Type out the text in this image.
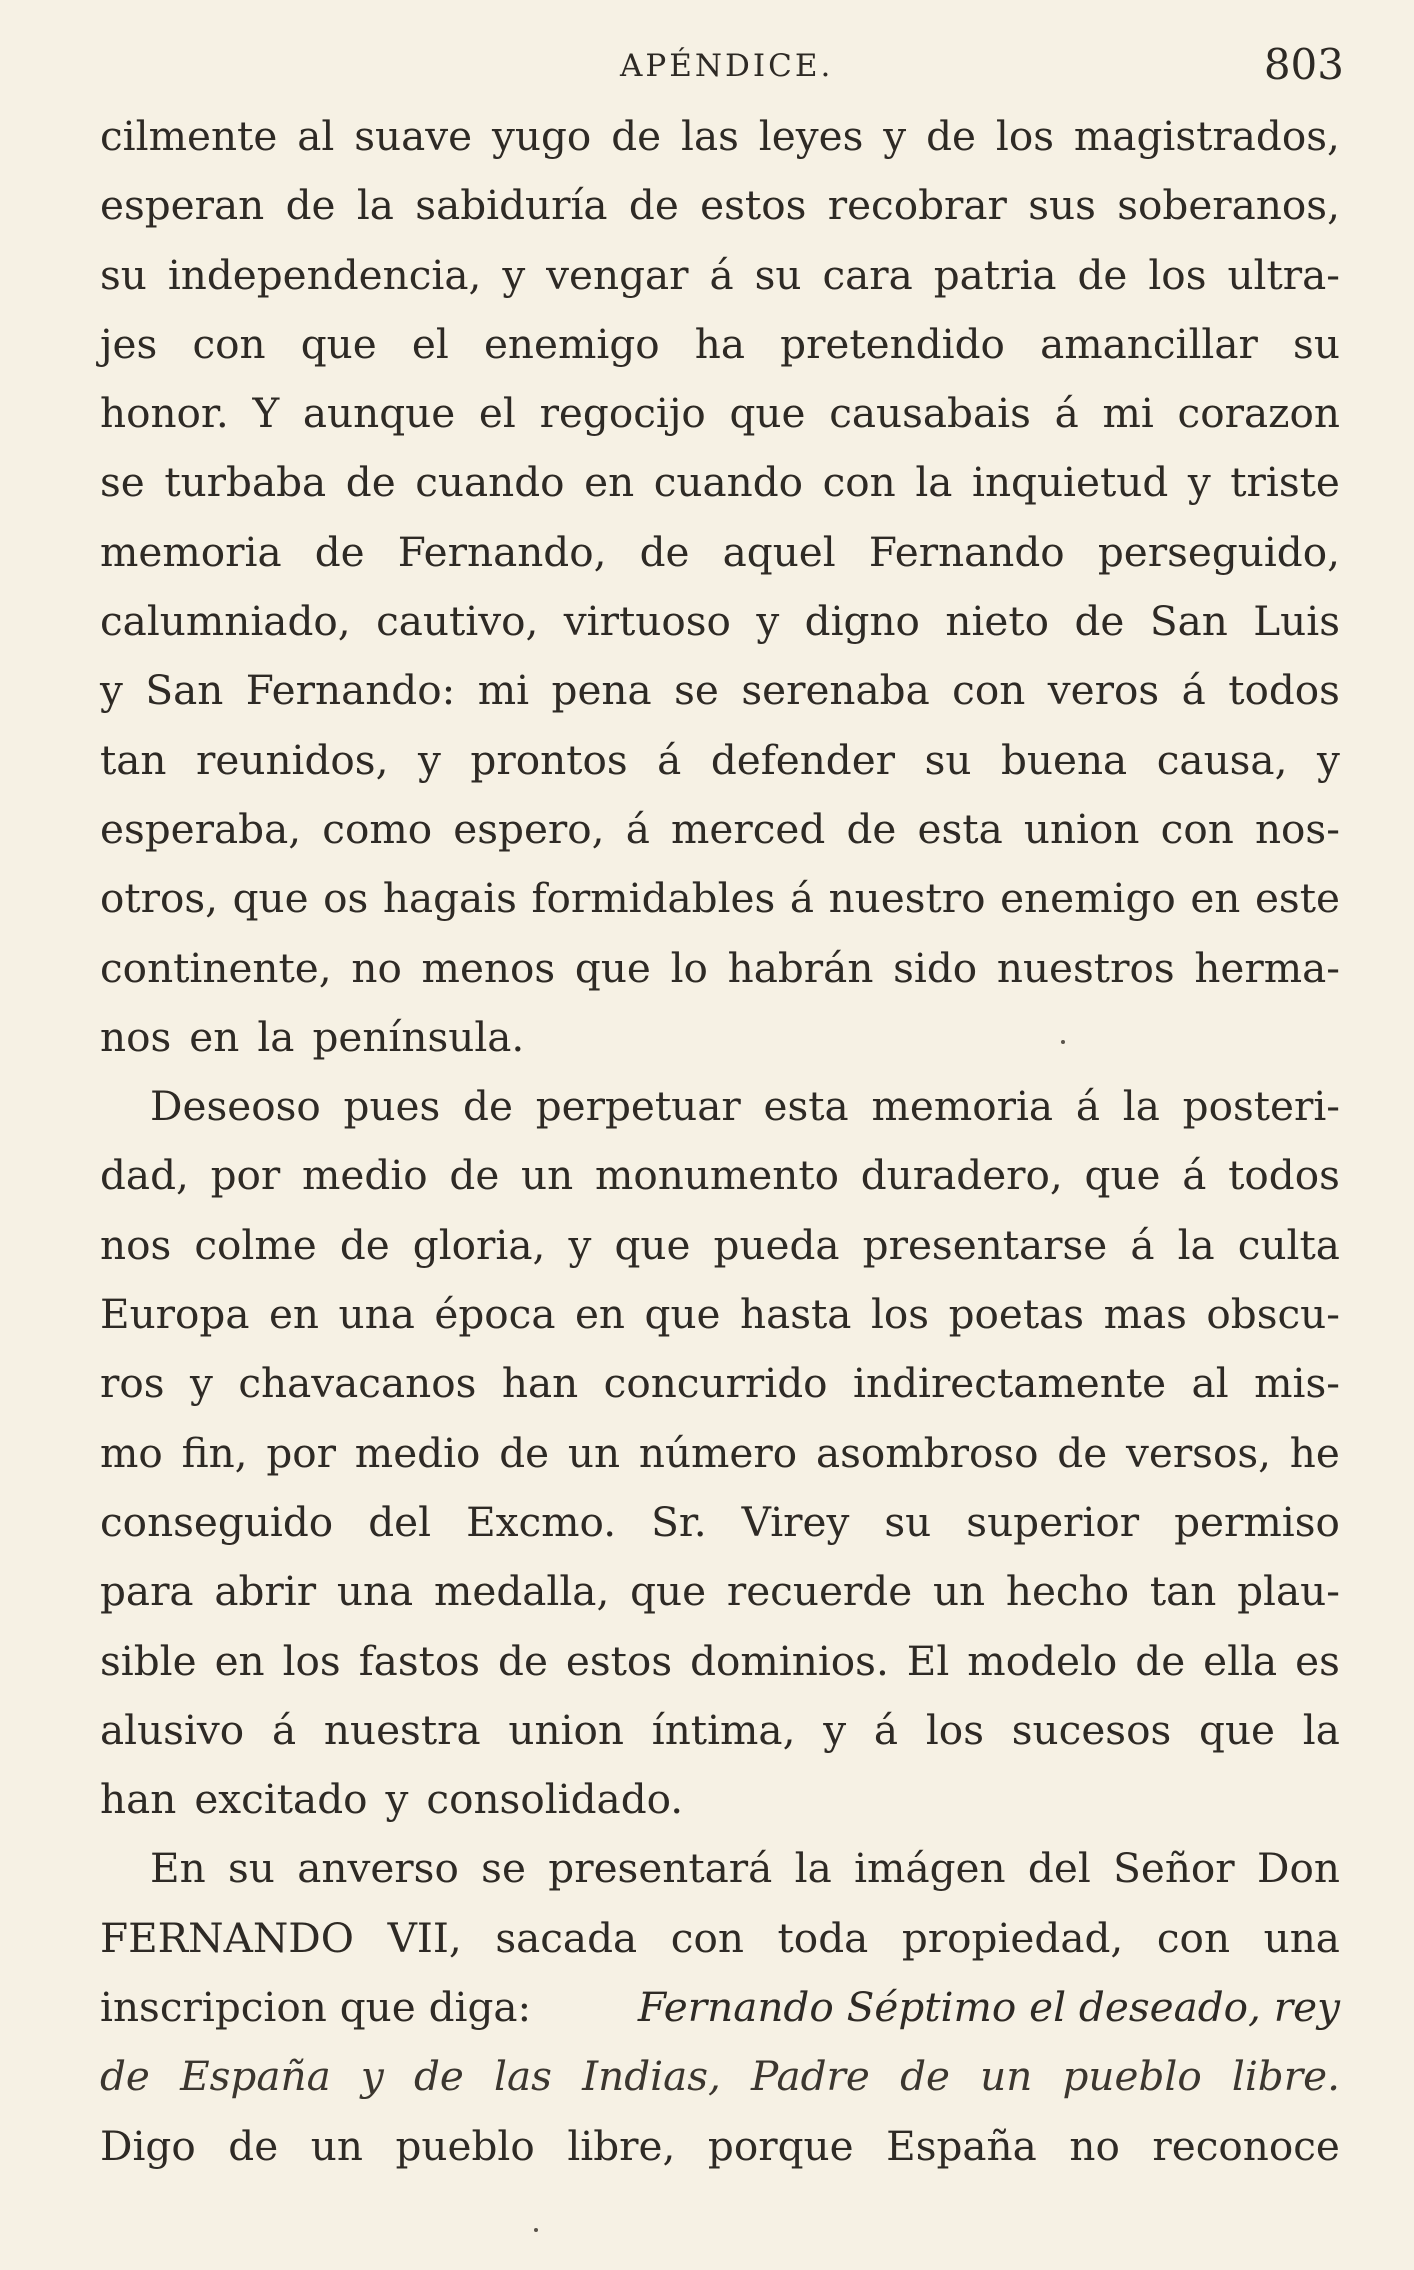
APÉNDICE.	803
cilmente al suave yugo de las leyes y de los magistrados,
esperan de la sabiduría de estos recobrar sus soberanos,
su independencia, y vengar á su cara patria de los ultra-
jes con que el enemigo ha pretendido amancillar su
honor. Y aunque el regocijo que causabais á mi corazon
se turbaba de cuando en cuando con la inquietud y triste
memoria de Fernando, de aquel Fernando perseguido,
calumniado, cautivo, virtuoso y digno nieto de San Luis
y San Fernando: mi pena se serenaba con veros á todos
tan reunidos, y prontos á defender su buena causa, y
esperaba, como espero, á merced de esta union con nos-
otros, que os hagais formidables á nuestro enemigo en este
continente, no menos que lo habrán sido nuestros herma-
nos en la península.
Deseoso pues de perpetuar esta memoria á la posteri-
dad, por medio de un monumento duradero, que á todos
nos colme de gloria, y que pueda presentarse á la culta
Europa en una época en que hasta los poetas mas obscu-
ros y chavacanos han concurrido indirectamente al mis-
mo fin, por medio de un número asombroso de versos, he
conseguido del Excmo. Sr. Virey su superior permiso
para abrir una medalla, que recuerde un hecho tan plau-
sible en los fastos de estos dominios. El modelo de ella es
alusivo á nuestra union íntima, y á los sucesos que la
han excitado y consolidado.
En su anverso se presentará la imágen del Señor Don
FERNANDO VII, sacada con toda propiedad, con una
inscripcion que diga:	Fernando Séptimo el deseado, rey
de España y de las Indias, Padre de un pueblo libre.
Digo de un pueblo libre, porque España no reconoce
